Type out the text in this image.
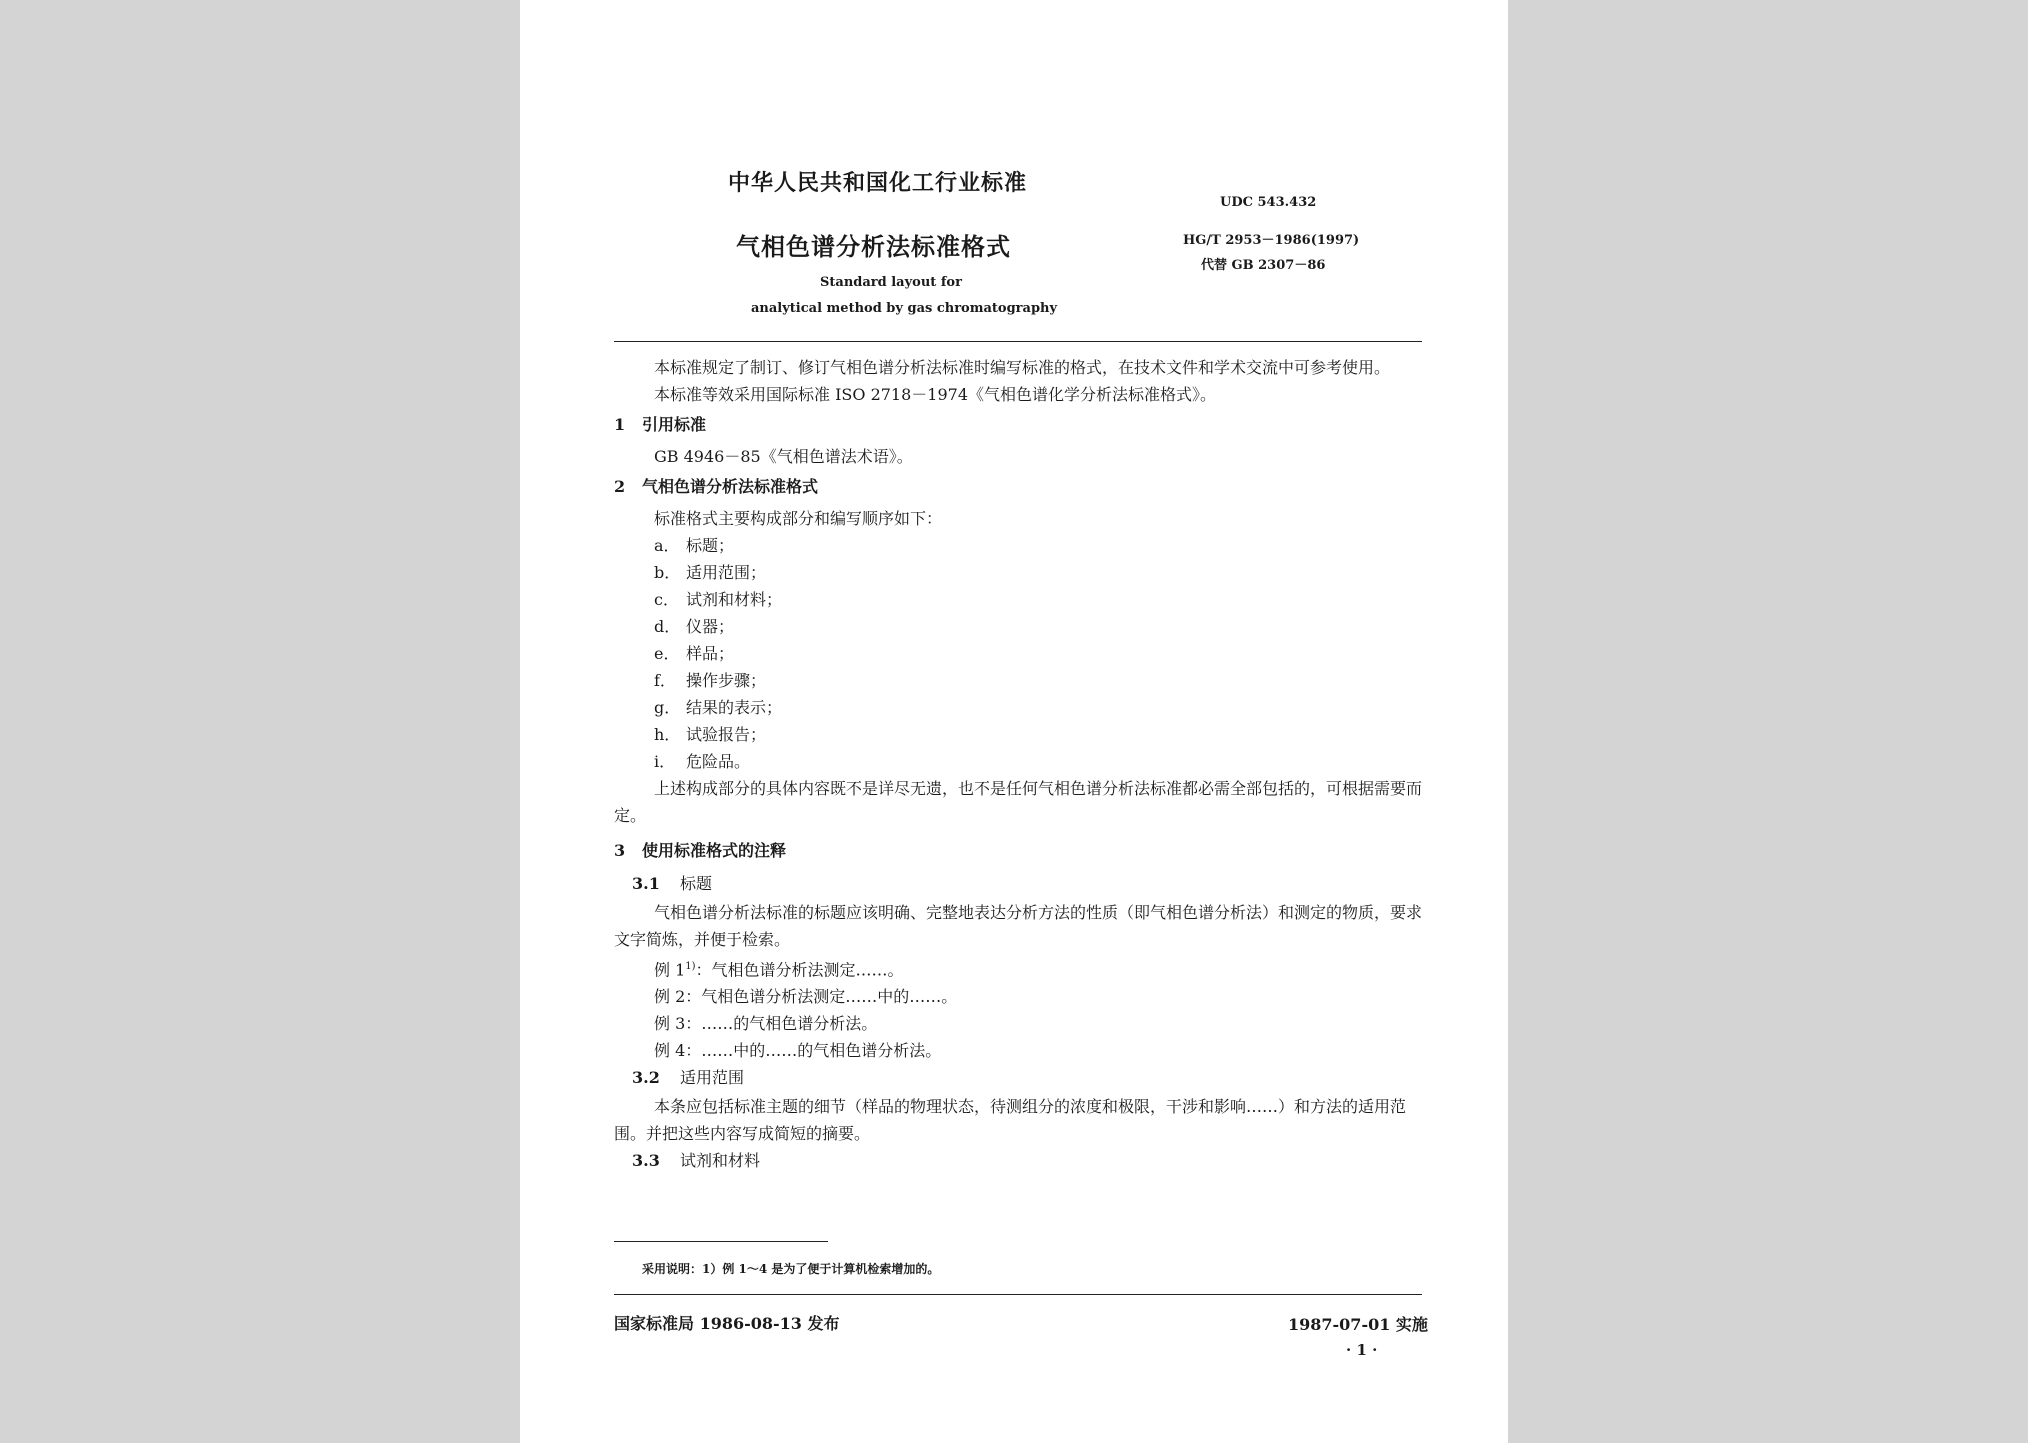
中华人民共和国化工行业标准
气相色谱分析法标准格式
Standard layout for
analytical method by gas chromatography
UDC 543.432
HG/T 2953－1986(1997)
代替 GB 2307－86

本标准规定了制订、修订气相色谱分析法标准时编写标准的格式，在技术文件和学术交流中可参考使用。

本标准等效采用国际标准 ISO 2718－1974《气相色谱化学分析法标准格式》。

1 引用标准

GB 4946－85《气相色谱法术语》。

2 气相色谱分析法标准格式

标准格式主要构成部分和编写顺序如下：

a． 标题；
b． 适用范围；
c． 试剂和材料；
d． 仪器；
e． 样品；
f． 操作步骤；
g． 结果的表示；
h． 试验报告；
i． 危险品。

上述构成部分的具体内容既不是详尽无遗，也不是任何气相色谱分析法标准都必需全部包括的，可根据需要而定。

3 使用标准格式的注释
3.1 标题

气相色谱分析法标准的标题应该明确、完整地表达分析方法的性质（即气相色谱分析法）和测定的物质，要求文字简炼，并便于检索。

例 1$^{1)}$：气相色谱分析法测定……。
例 2：气相色谱分析法测定……中的……。
例 3：……的气相色谱分析法。
例 4：……中的……的气相色谱分析法。
3.2 适用范围

本条应包括标准主题的细节（样品的物理状态，待测组分的浓度和极限，干涉和影响……）和方法的适用范围。并把这些内容写成简短的摘要。

3.3 试剂和材料
采用说明：1）例 1～4 是为了便于计算机检索增加的。
国家标准局 1986-08-13 发布	1987-07-01 实施
· 1 ·
